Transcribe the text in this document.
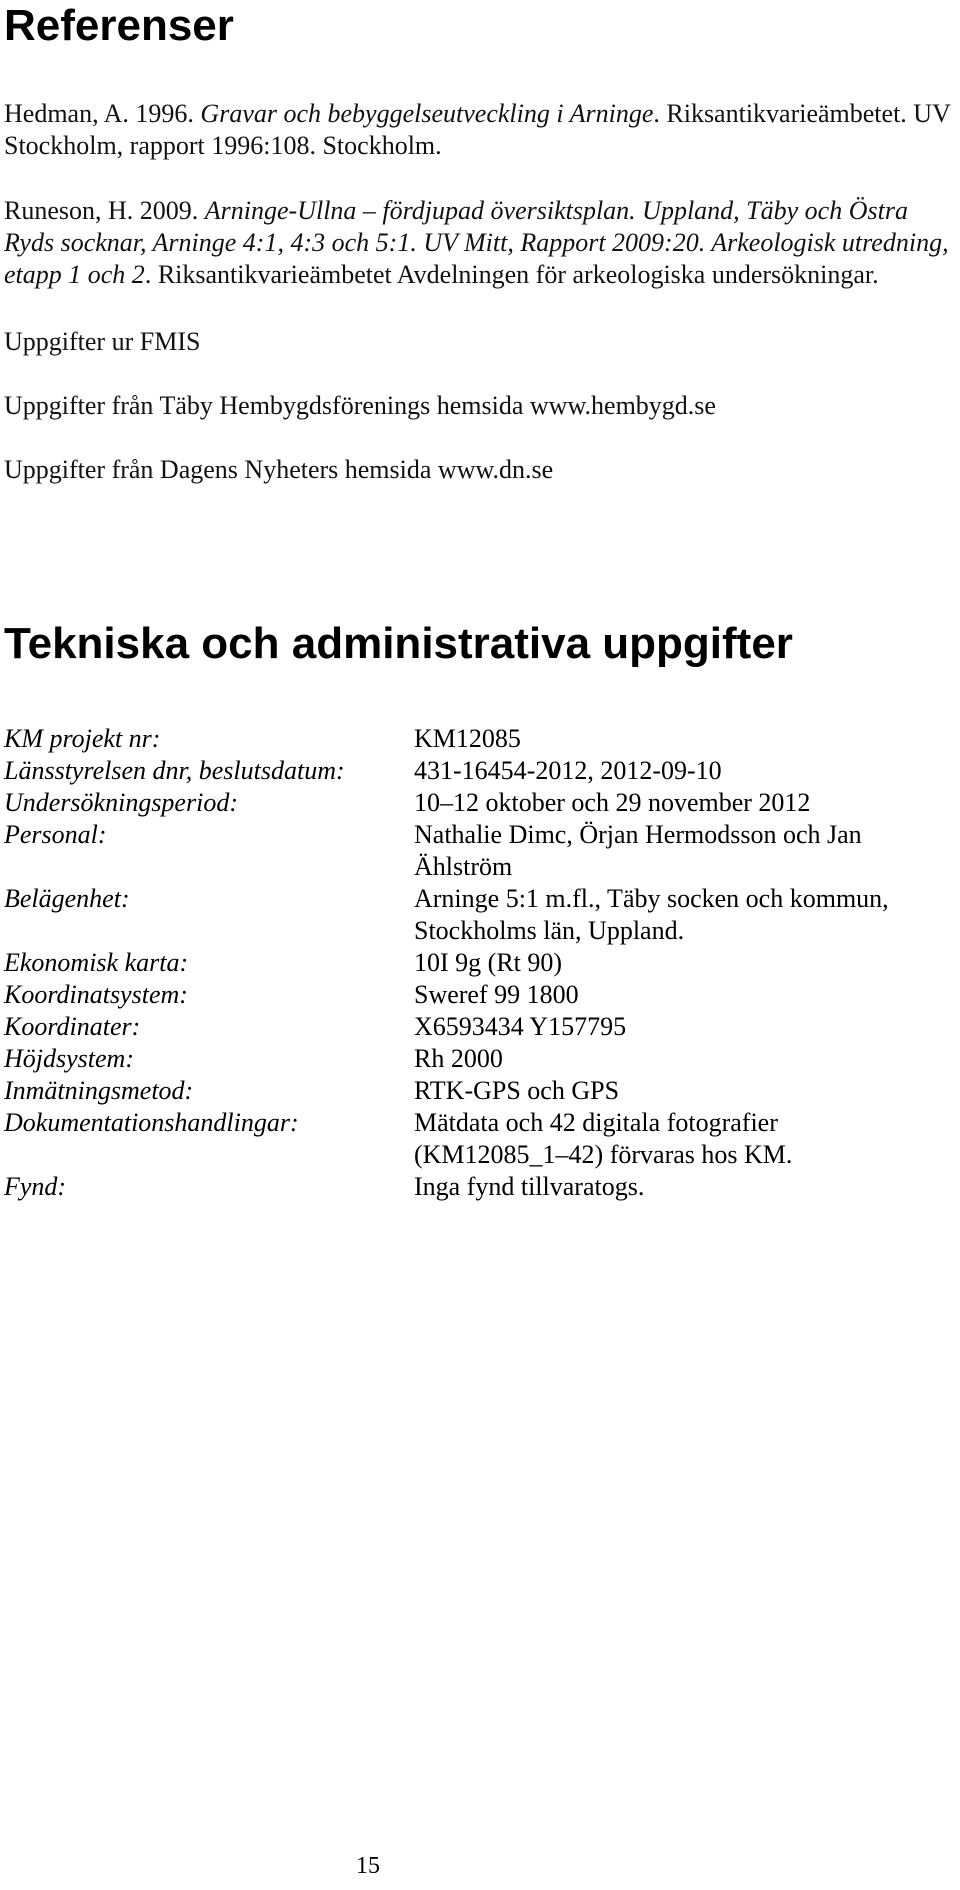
Referenser

Hedman, A. 1996. Gravar och bebyggelseutveckling i Arninge. Riksantikvarieämbetet. UV Stockholm, rapport 1996:108. Stockholm.

Runeson, H. 2009. Arninge-Ullna – fördjupad översiktsplan. Uppland, Täby och Östra Ryds socknar, Arninge 4:1, 4:3 och 5:1. UV Mitt, Rapport 2009:20. Arkeologisk utredning, etapp 1 och 2. Riksantikvarieämbetet Avdelningen för arkeologiska undersökningar.

Uppgifter ur FMIS

Uppgifter från Täby Hembygdsförenings hemsida www.hembygd.se

Uppgifter från Dagens Nyheters hemsida www.dn.se

Tekniska och administrativa uppgifter
KM projekt nr:	KM12085
Länsstyrelsen dnr, beslutsdatum:	431-16454-2012, 2012-09-10
Undersökningsperiod:	10–12 oktober och 29 november 2012
Personal:	Nathalie Dimc, Örjan Hermodsson och Jan Ählström
Belägenhet:	Arninge 5:1 m.fl., Täby socken och kommun, Stockholms län, Uppland.
Ekonomisk karta:	10I 9g (Rt 90)
Koordinatsystem:	Sweref 99 1800
Koordinater:	X6593434 Y157795
Höjdsystem:	Rh 2000
Inmätningsmetod:	RTK-GPS och GPS
Dokumentationshandlingar:	Mätdata och 42 digitala fotografier (KM12085_1–42) förvaras hos KM.
Fynd:	Inga fynd tillvaratogs.
15
